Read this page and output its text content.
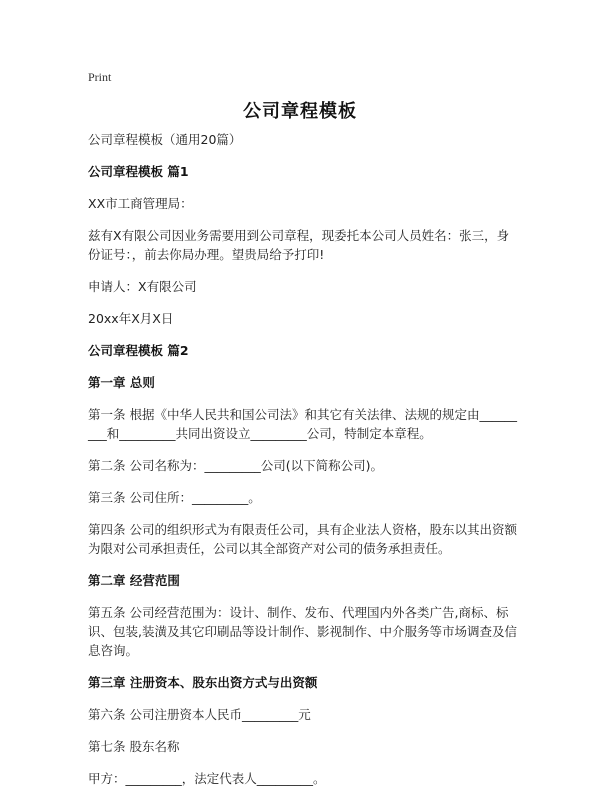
Print
公司章程模板
公司章程模板（通用20篇）
公司章程模板 篇1
XX市工商管理局：
兹有X有限公司因业务需要用到公司章程，现委托本公司人员姓名：张三，身份证号：，前去你局办理。望贵局给予打印!
申请人：X有限公司
20xx年X月X日
公司章程模板 篇2
第一章 总则
第一条 根据《中华人民共和国公司法》和其它有关法律、法规的规定由_________和_________共同出资设立_________公司，特制定本章程。
第二条 公司名称为：_________公司(以下简称公司)。
第三条 公司住所：_________。
第四条 公司的组织形式为有限责任公司，具有企业法人资格，股东以其出资额为限对公司承担责任，公司以其全部资产对公司的债务承担责任。
第二章 经营范围
第五条 公司经营范围为：设计、制作、发布、代理国内外各类广告,商标、标识、包装,装潢及其它印刷品等设计制作、影视制作、中介服务等市场调查及信息咨询。
第三章 注册资本、股东出资方式与出资额
第六条 公司注册资本人民币_________元
第七条 股东名称
甲方：_________，法定代表人_________。
